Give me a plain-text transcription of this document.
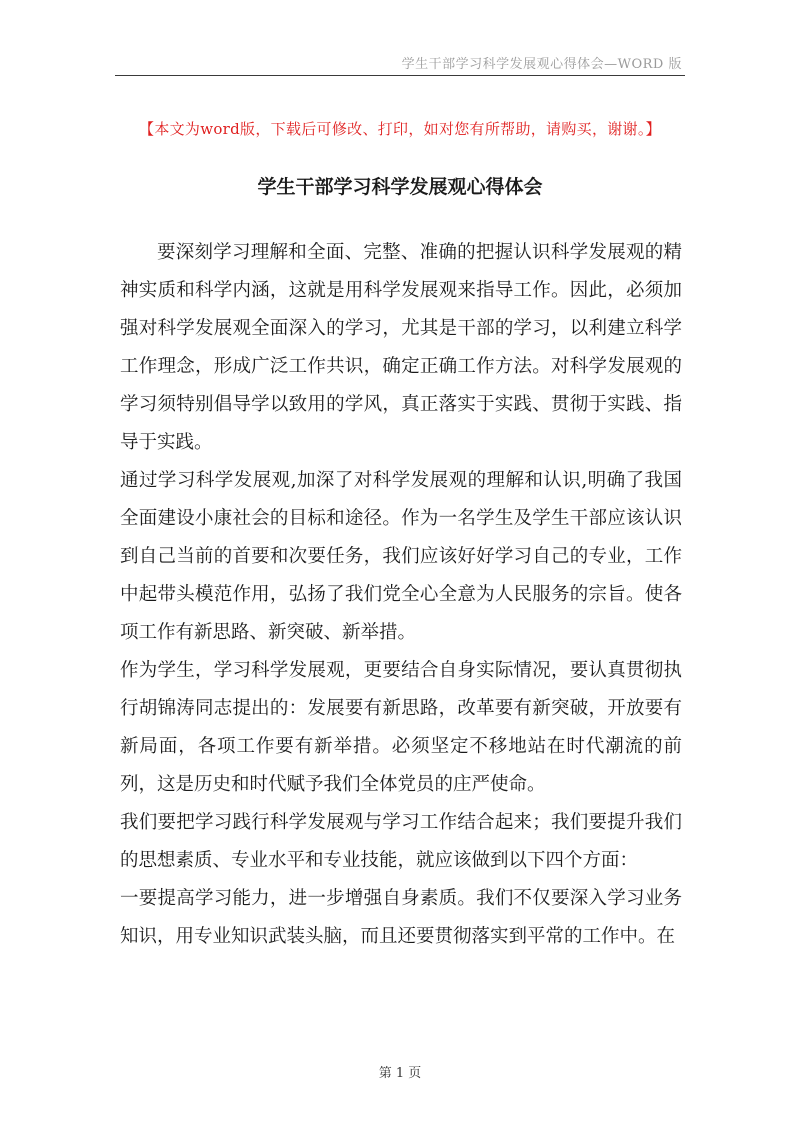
学生干部学习科学发展观心得体会—WORD 版
【本文为word版，下载后可修改、打印，如对您有所帮助，请购买，谢谢。】
学生干部学习科学发展观心得体会

要深刻学习理解和全面、完整、准确的把握认识科学发展观的精神实质和科学内涵，这就是用科学发展观来指导工作。因此，必须加强对科学发展观全面深入的学习，尤其是干部的学习，以利建立科学工作理念，形成广泛工作共识，确定正确工作方法。对科学发展观的学习须特别倡导学以致用的学风，真正落实于实践、贯彻于实践、指导于实践。

通过学习科学发展观,加深了对科学发展观的理解和认识,明确了我国全面建设小康社会的目标和途径。作为一名学生及学生干部应该认识到自己当前的首要和次要任务，我们应该好好学习自己的专业，工作中起带头模范作用，弘扬了我们党全心全意为人民服务的宗旨。使各项工作有新思路、新突破、新举措。

作为学生，学习科学发展观，更要结合自身实际情况，要认真贯彻执行胡锦涛同志提出的：发展要有新思路，改革要有新突破，开放要有新局面，各项工作要有新举措。必须坚定不移地站在时代潮流的前列，这是历史和时代赋予我们全体党员的庄严使命。

我们要把学习践行科学发展观与学习工作结合起来；我们要提升我们的思想素质、专业水平和专业技能，就应该做到以下四个方面：

一要提高学习能力，进一步增强自身素质。我们不仅要深入学习业务知识，用专业知识武装头脑，而且还要贯彻落实到平常的工作中。在

第 1 页
